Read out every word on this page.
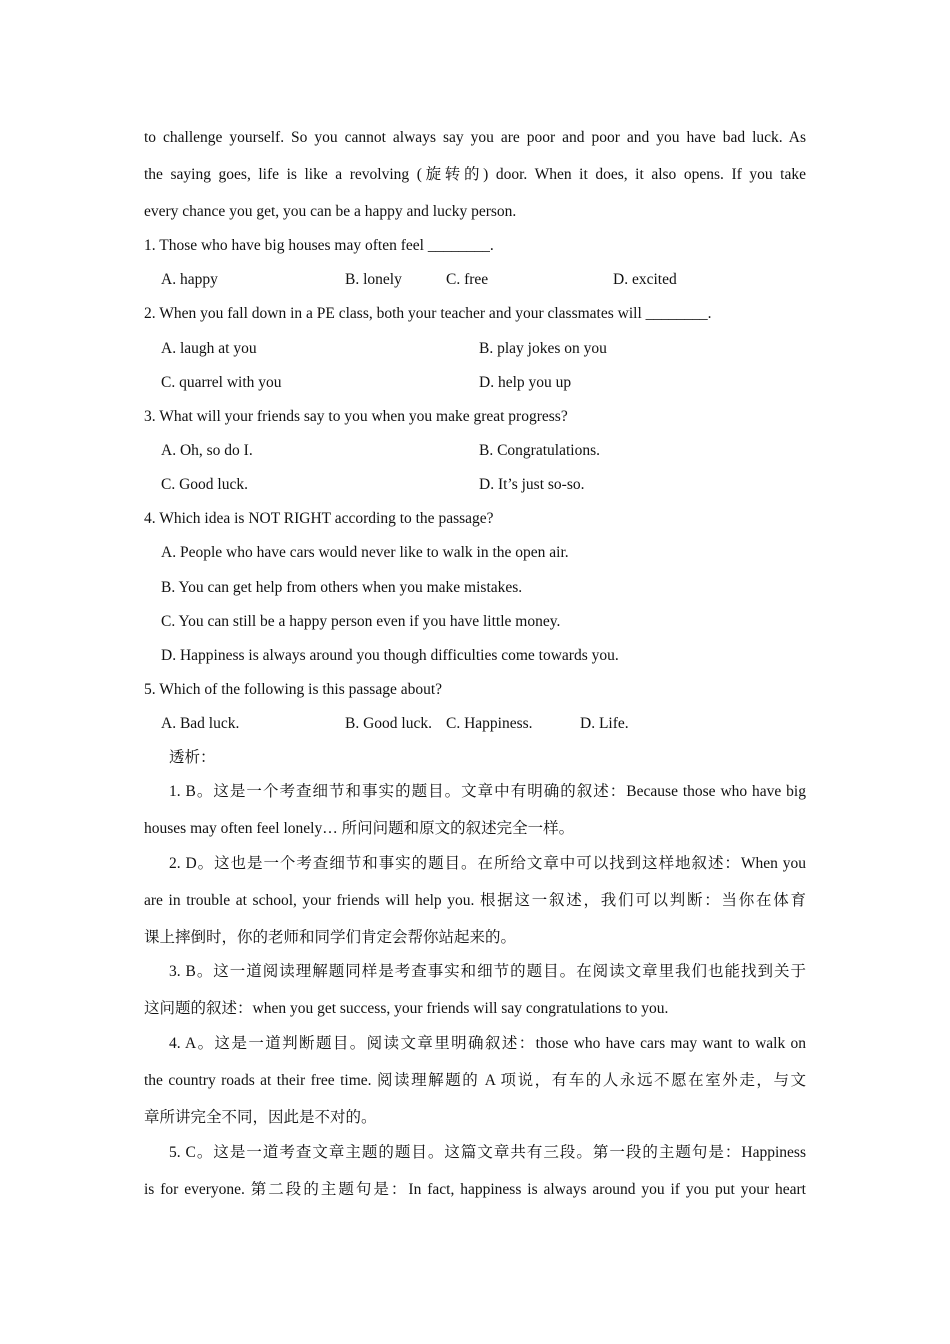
to challenge yourself. So you cannot always say you are poor and poor and you have bad luck. As
the saying goes, life is like a revolving (旋转的) door. When it does, it also opens. If you take
every chance you get, you can be a happy and lucky person.
1. Those who have big houses may often feel ________.
A. happy	B. lonely	C. free	D. excited
2. When you fall down in a PE class, both your teacher and your classmates will ________.
A. laugh at you	B. play jokes on you
C. quarrel with you	D. help you up
3. What will your friends say to you when you make great progress?
A. Oh, so do I.	B. Congratulations.
C. Good luck.	D. It’s just so-so.
4. Which idea is NOT RIGHT according to the passage?
A. People who have cars would never like to walk in the open air.
B. You can get help from others when you make mistakes.
C. You can still be a happy person even if you have little money.
D. Happiness is always around you though difficulties come towards you.
5. Which of the following is this passage about?
A. Bad luck.	B. Good luck. C. Happiness.	D. Life.
透析：
1. B。这是一个考查细节和事实的题目。文章中有明确的叙述：Because those who have big
houses may often feel lonely… 所问问题和原文的叙述完全一样。
2. D。这也是一个考查细节和事实的题目。在所给文章中可以找到这样地叙述：When you
are in trouble at school, your friends will help you. 根据这一叙述，我们可以判断：当你在体育
课上摔倒时，你的老师和同学们肯定会帮你站起来的。
3. B。这一道阅读理解题同样是考查事实和细节的题目。在阅读文章里我们也能找到关于
这问题的叙述：when you get success, your friends will say congratulations to you.
4. A。这是一道判断题目。阅读文章里明确叙述：those who have cars may want to walk on
the country roads at their free time. 阅读理解题的 A 项说，有车的人永远不愿在室外走，与文
章所讲完全不同，因此是不对的。
5. C。这是一道考查文章主题的题目。这篇文章共有三段。第一段的主题句是：Happiness
is for everyone. 第二段的主题句是：In fact, happiness is always around you if you put your heart
